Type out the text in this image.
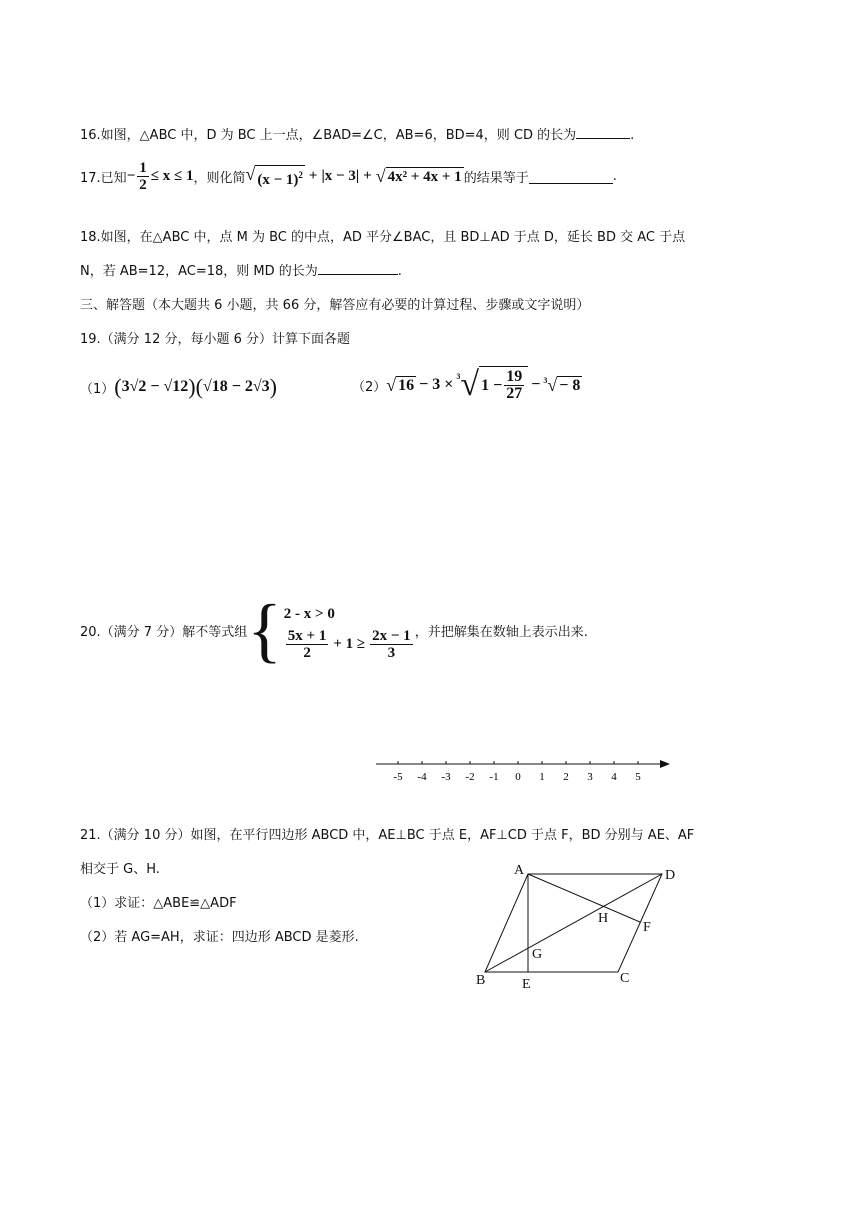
16.如图，△ABC 中，D 为 BC 上一点，∠BAD=∠C，AB=6，BD=4，则 CD 的长为	.
17.已知 − $\frac{1}{2} \le x \le 1$ ，则化简 √ $(x - 1)^2 + |x - 3|$ + √ 4x² + 4x + 1 的结果等于	.
18.如图，在△ABC 中，点 M 为 BC 的中点，AD 平分∠BAC，且 BD⊥AD 于点 D，延长 BD 交 AC 于点
N，若 AB=12，AC=18，则 MD 的长为	.
三、解答题（本大题共 6 小题，共 66 分，解答应有必要的计算过程、步骤或文字说明）
19.（满分 12 分，每小题 6 分）计算下面各题
（1） ( 3√2 − √12 ) ( √18 − 2√3 )	（2） √ 16 − 3 × $^3$ √ $1 - \frac{19}{27} - ^3$ √ − 8
20.（满分 7 分）解不等式组 { 2 - x > 0
$\frac{5x + 1}{2} + 1 \ge \frac{2x - 1}{3}$ ，并把解集在数轴上表示出来.
-5 -4 -3 -2 -1 0 1 2 3 4 5
21.（满分 10 分）如图，在平行四边形 ABCD 中，AE⊥BC 于点 E，AF⊥CD 于点 F，BD 分别与 AE、AF
相交于 G、H.
（1）求证：△ABE≌△ADF
（2）若 AG=AH，求证：四边形 ABCD 是菱形.
A	D
H
F
G
B	E	C
